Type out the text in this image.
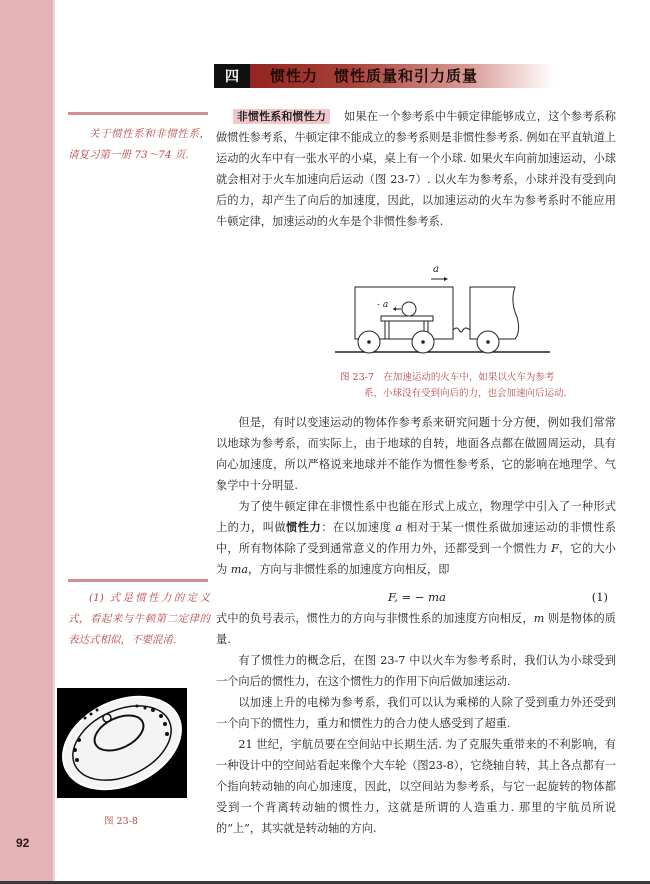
92
四	惯性力　惯性质量和引力质量
关于惯性系和非惯性系，请复习第一册 73～74 页.

非惯性系和惯性力 如果在一个参考系中牛顿定律能够成立，这个参考系称做惯性参考系，牛顿定律不能成立的参考系则是非惯性参考系. 例如在平直轨道上运动的火车中有一张水平的小桌，桌上有一个小球. 如果火车向前加速运动，小球就会相对于火车加速向后运动（图 23-7）. 以火车为参考系，小球并没有受到向后的力，却产生了向后的加速度，因此，以加速运动的火车为参考系时不能应用牛顿定律，加速运动的火车是个非惯性参考系.

- a
a
图 23-7　在加速运动的火车中，如果以火车为参考
系，小球没有受到向后的力，也会加速向后运动.

但是，有时以变速运动的物体作参考系来研究问题十分方便，例如我们常常以地球为参考系，而实际上，由于地球的自转，地面各点都在做圆周运动，具有向心加速度，所以严格说来地球并不能作为惯性参考系，它的影响在地理学、气象学中十分明显.

为了使牛顿定律在非惯性系中也能在形式上成立，物理学中引入了一种形式上的力，叫做惯性力：在以加速度 a 相对于某一惯性系做加速运动的非惯性系中，所有物体除了受到通常意义的作用力外，还都受到一个惯性力 F，它的大小为 ma，方向与非惯性系的加速度方向相反，即

(1) 式是惯性力的定义式，看起来与牛顿第二定律的表达式相似，不要混淆.
F, = − ma	(1)

式中的负号表示，惯性力的方向与非惯性系的加速度方向相反，m 则是物体的质量.

有了惯性力的概念后，在图 23-7 中以火车为参考系时，我们认为小球受到一个向后的惯性力，在这个惯性力的作用下向后做加速运动.

以加速上升的电梯为参考系，我们可以认为乘梯的人除了受到重力外还受到一个向下的惯性力，重力和惯性力的合力使人感受到了超重.

21 世纪，宇航员要在空间站中长期生活. 为了克服失重带来的不利影响，有一种设计中的空间站看起来像个大车轮（图23-8），它绕轴自转，其上各点都有一个指向转动轴的向心加速度，因此，以空间站为参考系，与它一起旋转的物体都受到一个背离转动轴的惯性力，这就是所谓的人造重力. 那里的宇航员所说的“上”，其实就是转动轴的方向.

图 23-8
